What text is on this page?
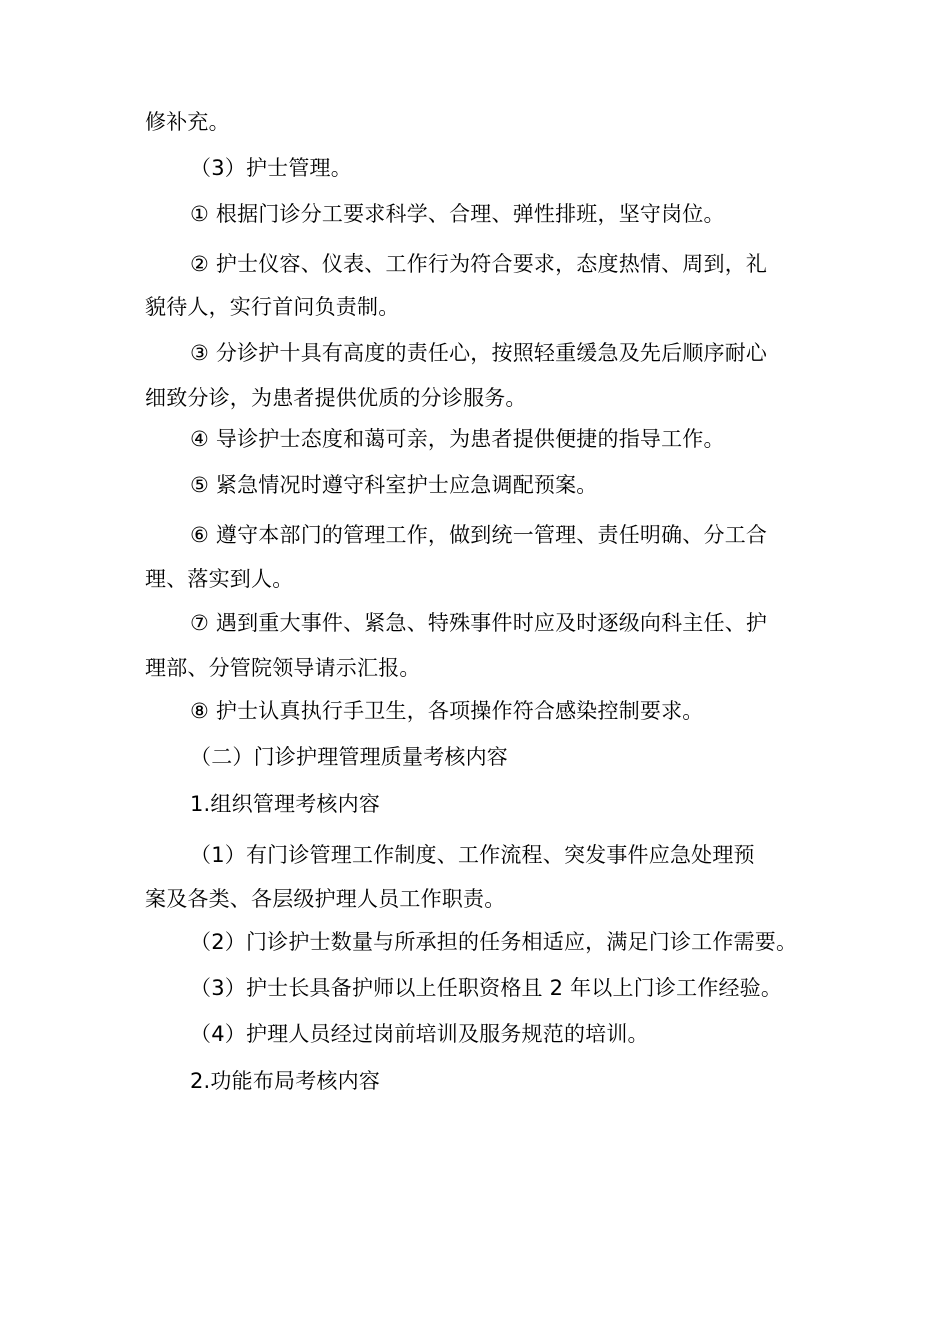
修补充。
（3）护士管理。
① 根据门诊分工要求科学、合理、弹性排班，坚守岗位。
② 护士仪容、仪表、工作行为符合要求，态度热情、周到，礼
貌待人，实行首问负责制。
③ 分诊护十具有高度的责任心，按照轻重缓急及先后顺序耐心
细致分诊，为患者提供优质的分诊服务。
④ 导诊护士态度和蔼可亲，为患者提供便捷的指导工作。
⑤ 紧急情况时遵守科室护士应急调配预案。
⑥ 遵守本部门的管理工作，做到统一管理、责任明确、分工合
理、落实到人。
⑦ 遇到重大事件、紧急、特殊事件时应及时逐级向科主任、护
理部、分管院领导请示汇报。
⑧ 护士认真执行手卫生，各项操作符合感染控制要求。
（二）门诊护理管理质量考核内容
1.组织管理考核内容
（1）有门诊管理工作制度、工作流程、突发事件应急处理预
案及各类、各层级护理人员工作职责。
（2）门诊护士数量与所承担的任务相适应，满足门诊工作需要。
（3）护士长具备护师以上任职资格且 2 年以上门诊工作经验。
（4）护理人员经过岗前培训及服务规范的培训。
2.功能布局考核内容
